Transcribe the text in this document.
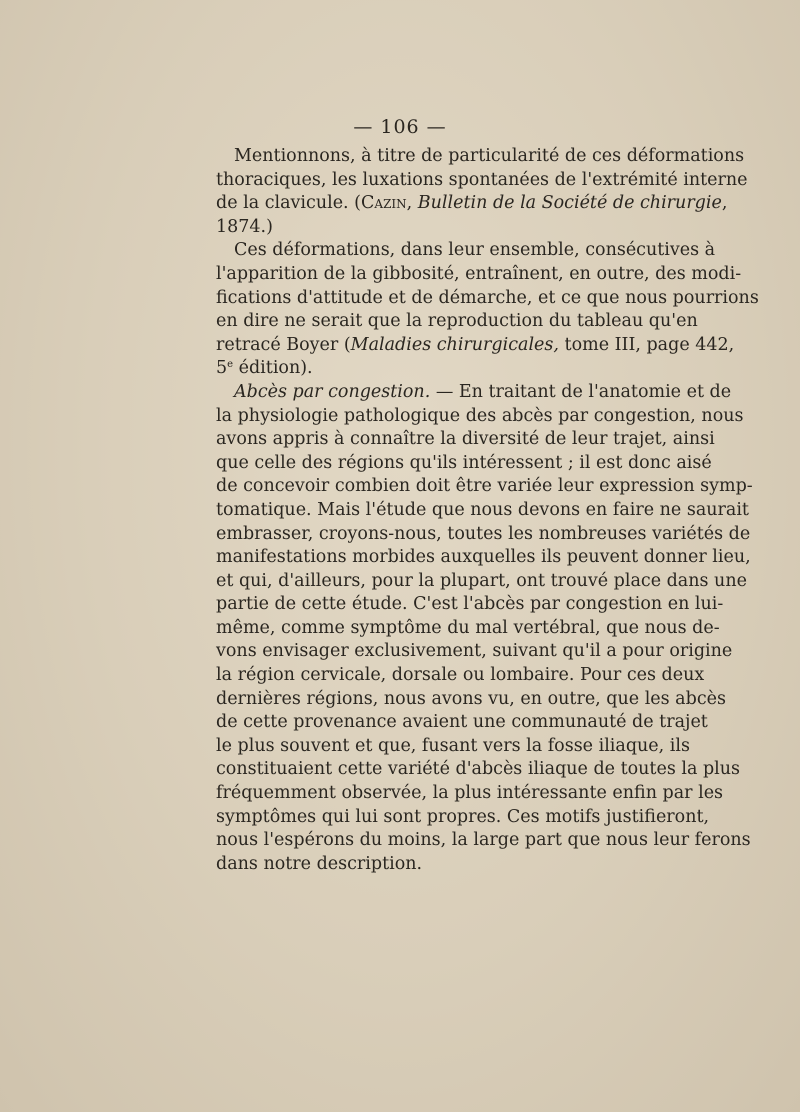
— 106 —
Mentionnons, à titre de particularité de ces déformations
thoraciques, les luxations spontanées de l'extrémité interne
de la clavicule. (Cazin, Bulletin de la Société de chirurgie,
1874.)
Ces déformations, dans leur ensemble, consécutives à
l'apparition de la gibbosité, entraînent, en outre, des modi-
fications d'attitude et de démarche, et ce que nous pourrions
en dire ne serait que la reproduction du tableau qu'en
retracé Boyer (Maladies chirurgicales, tome III, page 442,
5e édition).
Abcès par congestion. — En traitant de l'anatomie et de
la physiologie pathologique des abcès par congestion, nous
avons appris à connaître la diversité de leur trajet, ainsi
que celle des régions qu'ils intéressent ; il est donc aisé
de concevoir combien doit être variée leur expression symp-
tomatique. Mais l'étude que nous devons en faire ne saurait
embrasser, croyons-nous, toutes les nombreuses variétés de
manifestations morbides auxquelles ils peuvent donner lieu,
et qui, d'ailleurs, pour la plupart, ont trouvé place dans une
partie de cette étude. C'est l'abcès par congestion en lui-
même, comme symptôme du mal vertébral, que nous de-
vons envisager exclusivement, suivant qu'il a pour origine
la région cervicale, dorsale ou lombaire. Pour ces deux
dernières régions, nous avons vu, en outre, que les abcès
de cette provenance avaient une communauté de trajet
le plus souvent et que, fusant vers la fosse iliaque, ils
constituaient cette variété d'abcès iliaque de toutes la plus
fréquemment observée, la plus intéressante enfin par les
symptômes qui lui sont propres. Ces motifs justifieront,
nous l'espérons du moins, la large part que nous leur ferons
dans notre description.
